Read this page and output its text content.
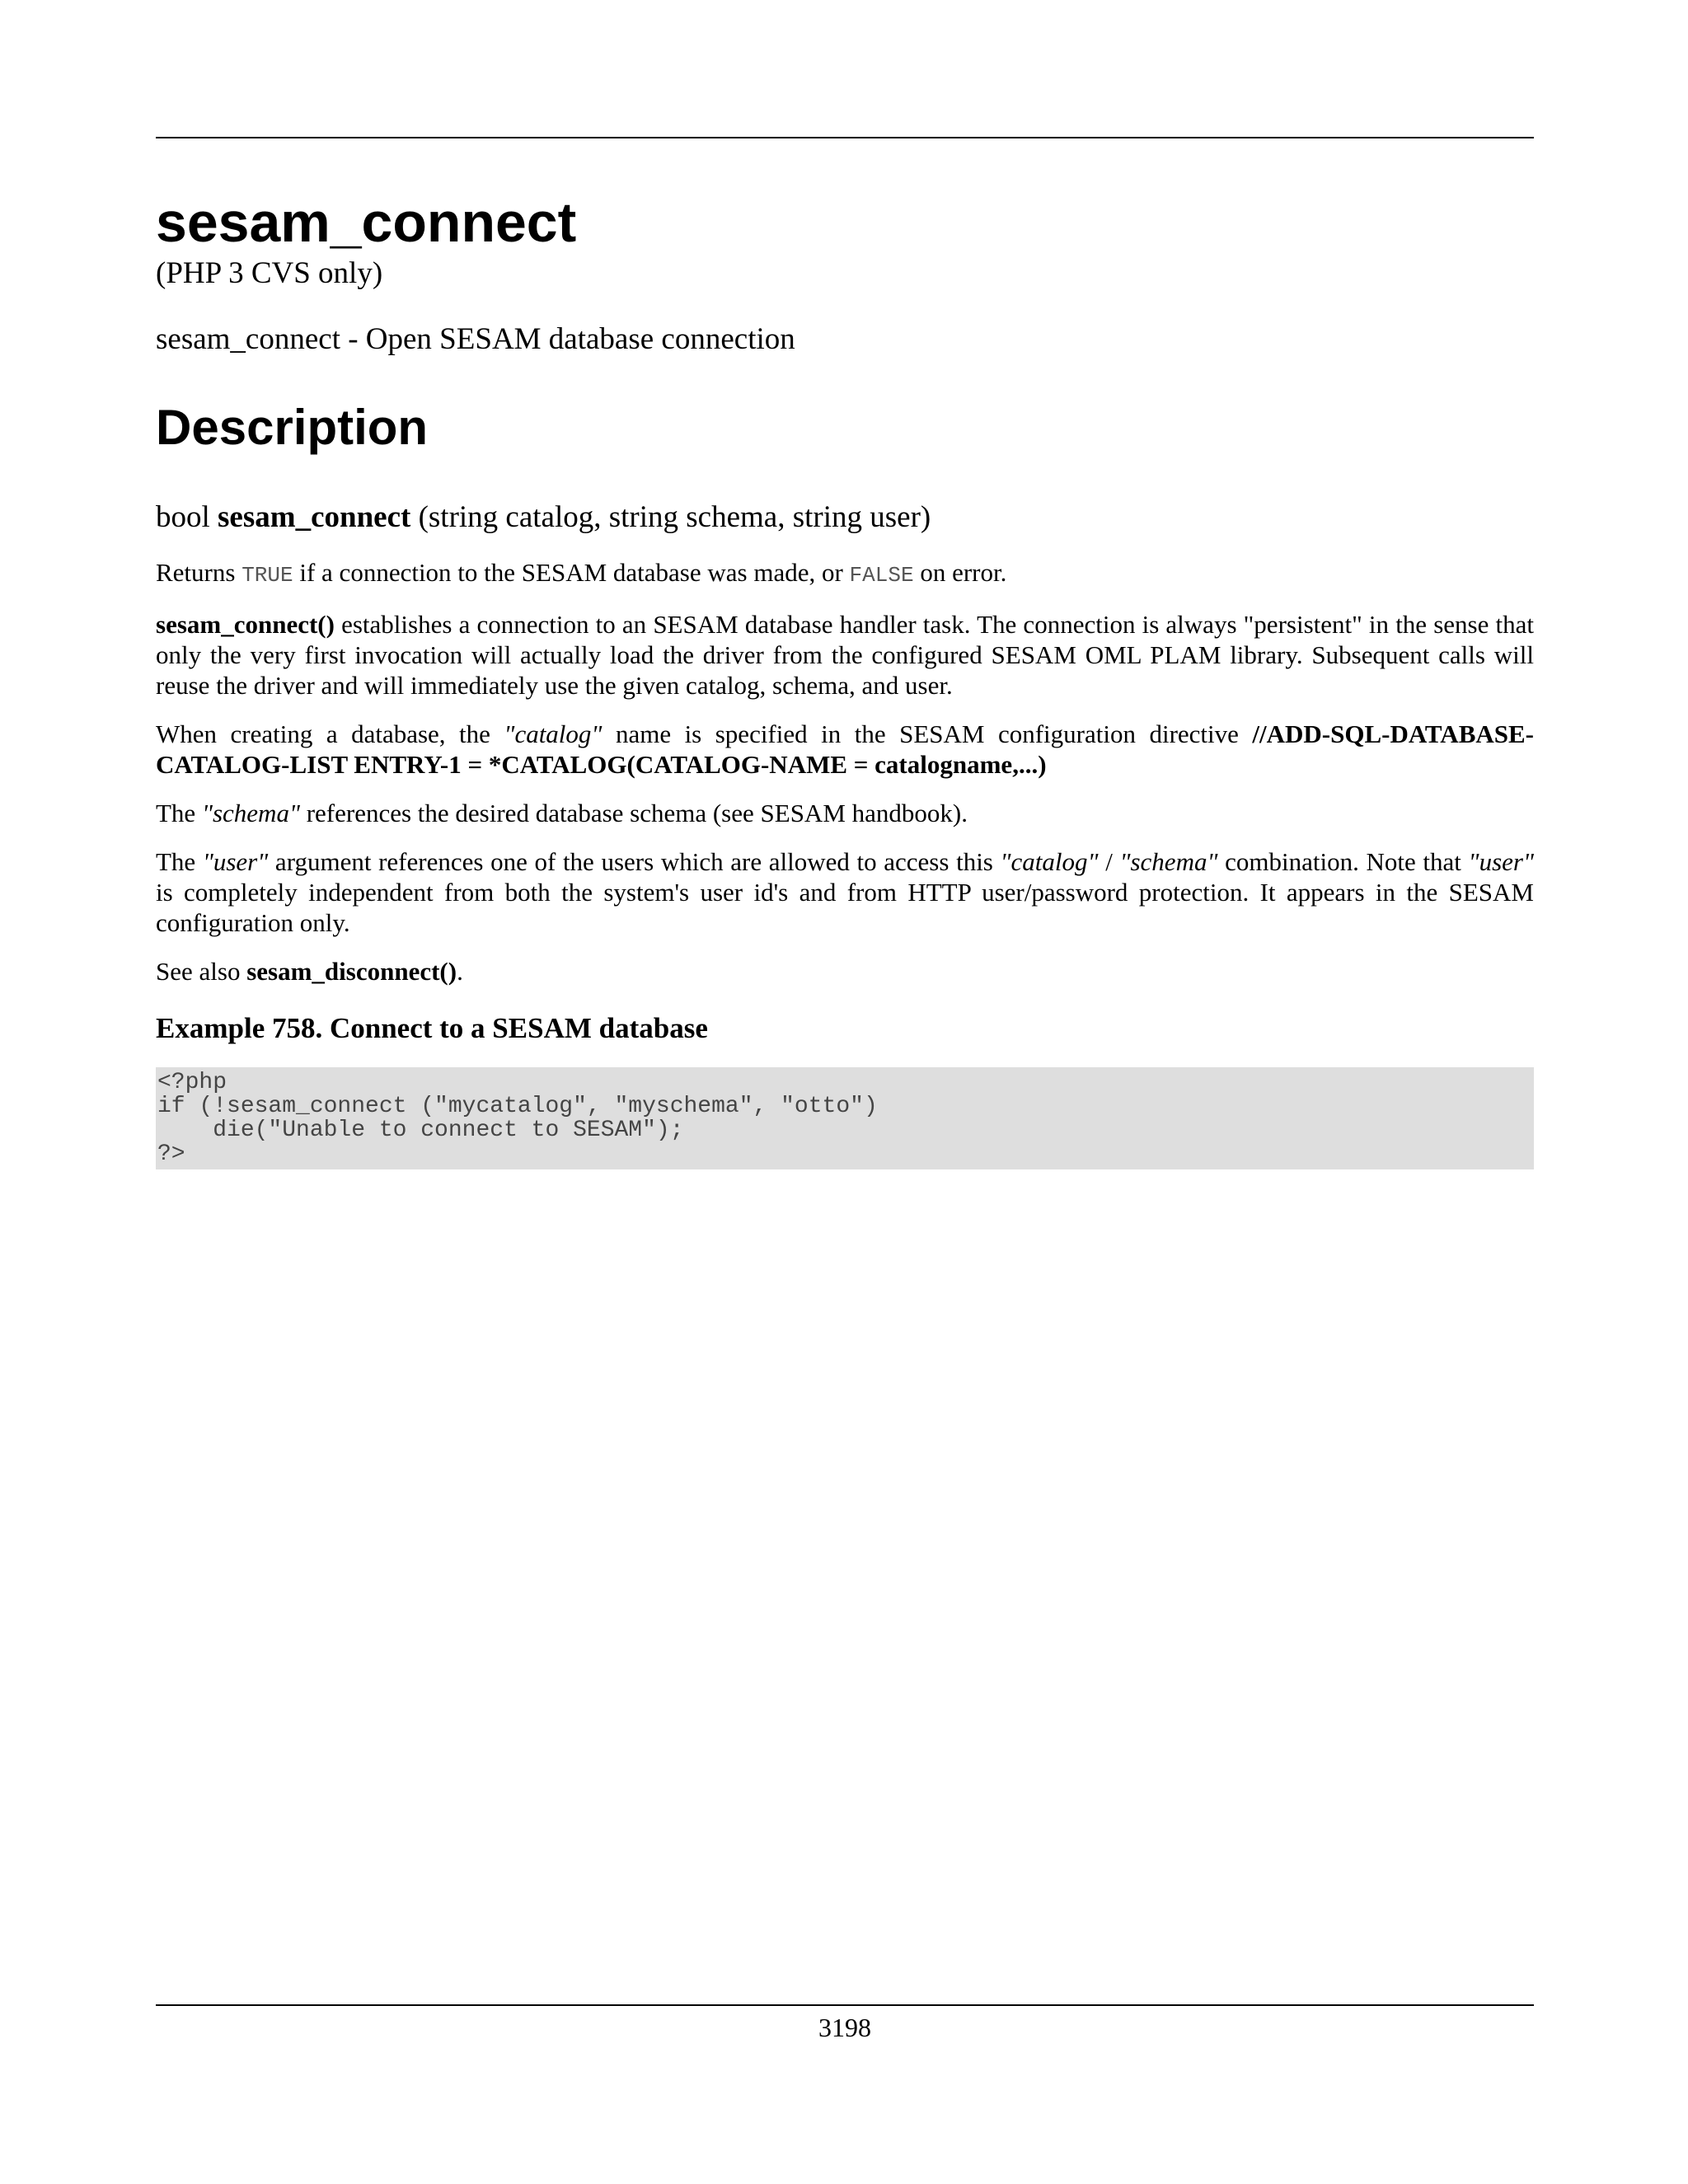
sesam_connect
(PHP 3 CVS only)
sesam_connect - Open SESAM database connection
Description
bool sesam_connect (string catalog, string schema, string user)

Returns TRUE if a connection to the SESAM database was made, or FALSE on error.

sesam_connect() establishes a connection to an SESAM database handler task. The connection is always "persistent" in the sense that only the very first invocation will actually load the driver from the configured SESAM OML PLAM library. Subsequent calls will reuse the driver and will immediately use the given catalog, schema, and user.

When creating a database, the "catalog" name is specified in the SESAM configuration directive //ADD-SQL-DATABASE-CATALOG-LIST ENTRY-1 = *CATALOG(CATALOG-NAME = catalogname,...)

The "schema" references the desired database schema (see SESAM handbook).

The "user" argument references one of the users which are allowed to access this "catalog" / "schema" combination. Note that "user" is completely independent from both the system's user id's and from HTTP user/password protection. It appears in the SESAM configuration only.

See also sesam_disconnect().

Example 758. Connect to a SESAM database
<?php
if (!sesam_connect ("mycatalog", "myschema", "otto")
die("Unable to connect to SESAM");
?>
3198
